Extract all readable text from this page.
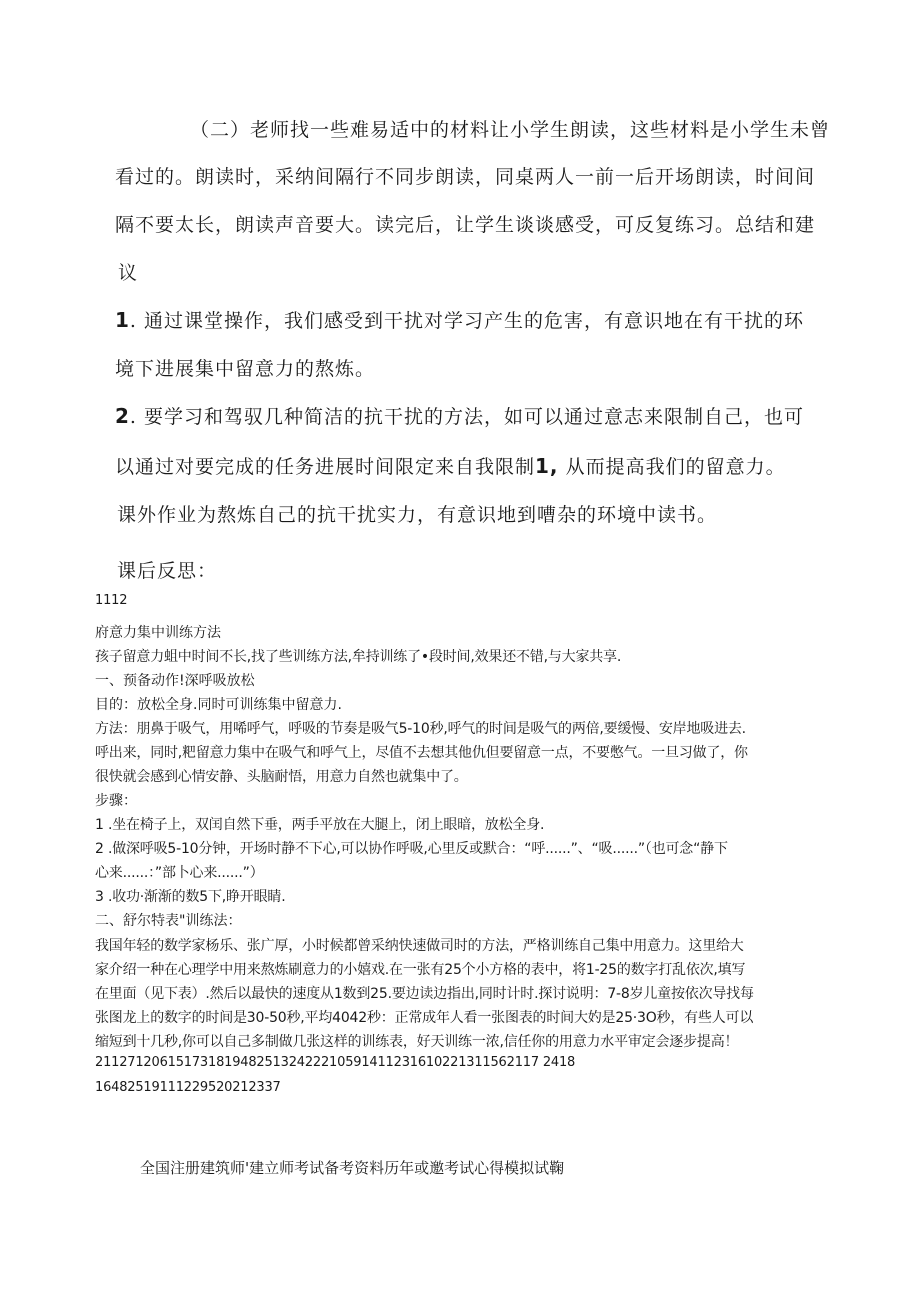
（二）老师找一些难易适中的材料让小学生朗读，这些材料是小学生未曾
看过的。朗读时，采纳间隔行不同步朗读，同桌两人一前一后开场朗读，时间间
隔不要太长，朗读声音要大。读完后，让学生谈谈感受，可反复练习。总结和建
议
1. 通过课堂操作，我们感受到干扰对学习产生的危害，有意识地在有干扰的环
境下进展集中留意力的熬炼。
2. 要学习和驾驭几种简洁的抗干扰的方法，如可以通过意志来限制自己，也可
以通过对要完成的任务进展时间限定来自我限制1, 从而提高我们的留意力。
课外作业为熬炼自己的抗干扰实力，有意识地到嘈杂的环境中读书。
课后反思：
1112
府意力集中训练方法
孩子留意力蛆中时间不长,找了些训练方法,牟持训练了•段时间,效果还不错,与大家共享.
一、预备动作!深呼吸放松
目的：放松全身.同时可训练集中留意力.
方法：朋鼻于吸气，用唏呼气，呼吸的节奏是吸气5-10秒,呼气的时间是吸气的两倍,要缓慢、安岸地吸进去.
呼出来，同时,粑留意力集中在吸气和呼气上，尽值不去想其他仇但要留意一点，不要憋气。一旦习做了，你
很快就会感到心情安静、头脑耐悟，用意力自然也就集中了。
步骤：
1 .坐在椅子上，双闰自然下垂，两手平放在大腿上，闭上眼暗，放松全身.
2 .做深呼吸5-10分钟，开场时静不下心,可以协作呼吸,心里反或默合：“呼......”、“吸......”（也可念“静下
心来......：”部卜心来......”）
3 .收功·渐渐的数5下,睁开眼睛.
二、舒尔特表"训练法：
我国年轻的数学家杨乐、张广厚，小时候都曾采纳快速做司时的方法，严格训练自己集中用意力。这里给大
家介绍一种在心理学中用来熬炼刷意力的小嬉戏.在一张有25个小方格的表中，将1-25的数字打乱依次,填写
在里面（见下表）.然后以最快的速度从1数到25.要边读边指出,同时计时.探讨说明：7-8岁儿童按依次导找每
张图龙上的数字的时间是30-50秒,平均4042秒：正常成年人看一张图表的时间大妁是25·3O秒，有些人可以
缩短到十几秒,你可以自己多制做几张这样的训练表，好天训练一浓,信任你的用意力水平审定会逐步提高！
2112712061517318194825132422210591411231610221311562117 2418
16482519111229520212337
全国注册建筑师'建立师考试备考资料历年或邀考试心得模拟试鞠
